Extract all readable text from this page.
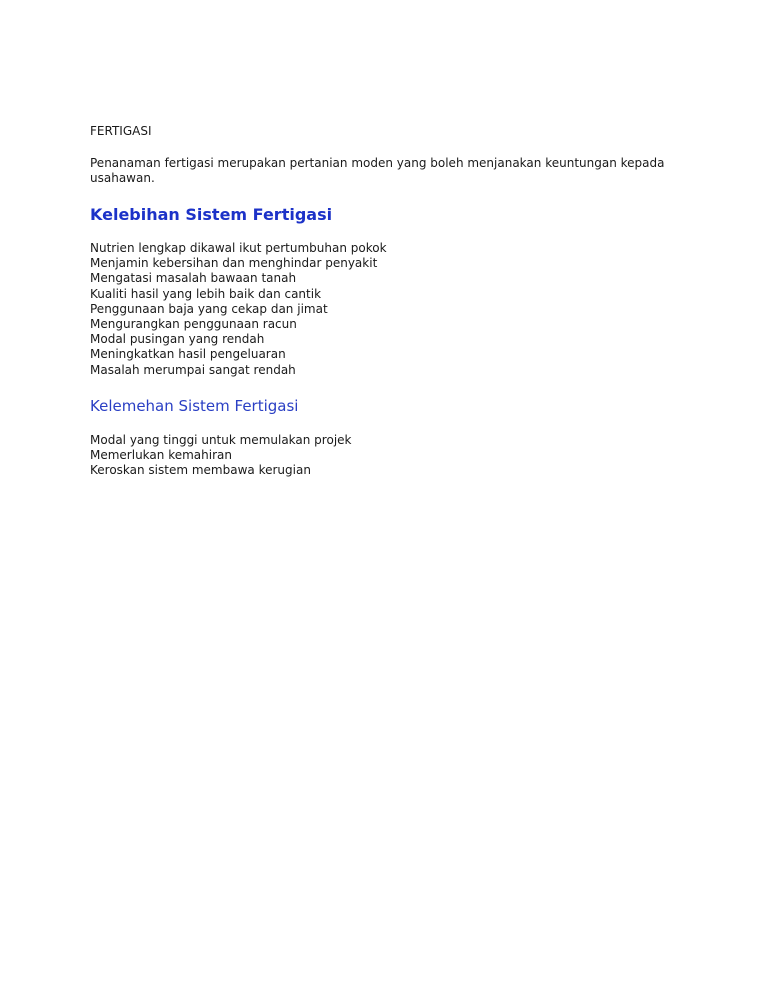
FERTIGASI
Penanaman fertigasi merupakan pertanian moden yang boleh menjanakan keuntungan kepada usahawan.
Kelebihan Sistem Fertigasi
Nutrien lengkap dikawal ikut pertumbuhan pokok
Menjamin kebersihan dan menghindar penyakit
Mengatasi masalah bawaan tanah
Kualiti hasil yang lebih baik dan cantik
Penggunaan baja yang cekap dan jimat
Mengurangkan penggunaan racun
Modal pusingan yang rendah
Meningkatkan hasil pengeluaran
Masalah merumpai sangat rendah
Kelemehan Sistem Fertigasi
Modal yang tinggi untuk memulakan projek
Memerlukan kemahiran
Keroskan sistem membawa kerugian
